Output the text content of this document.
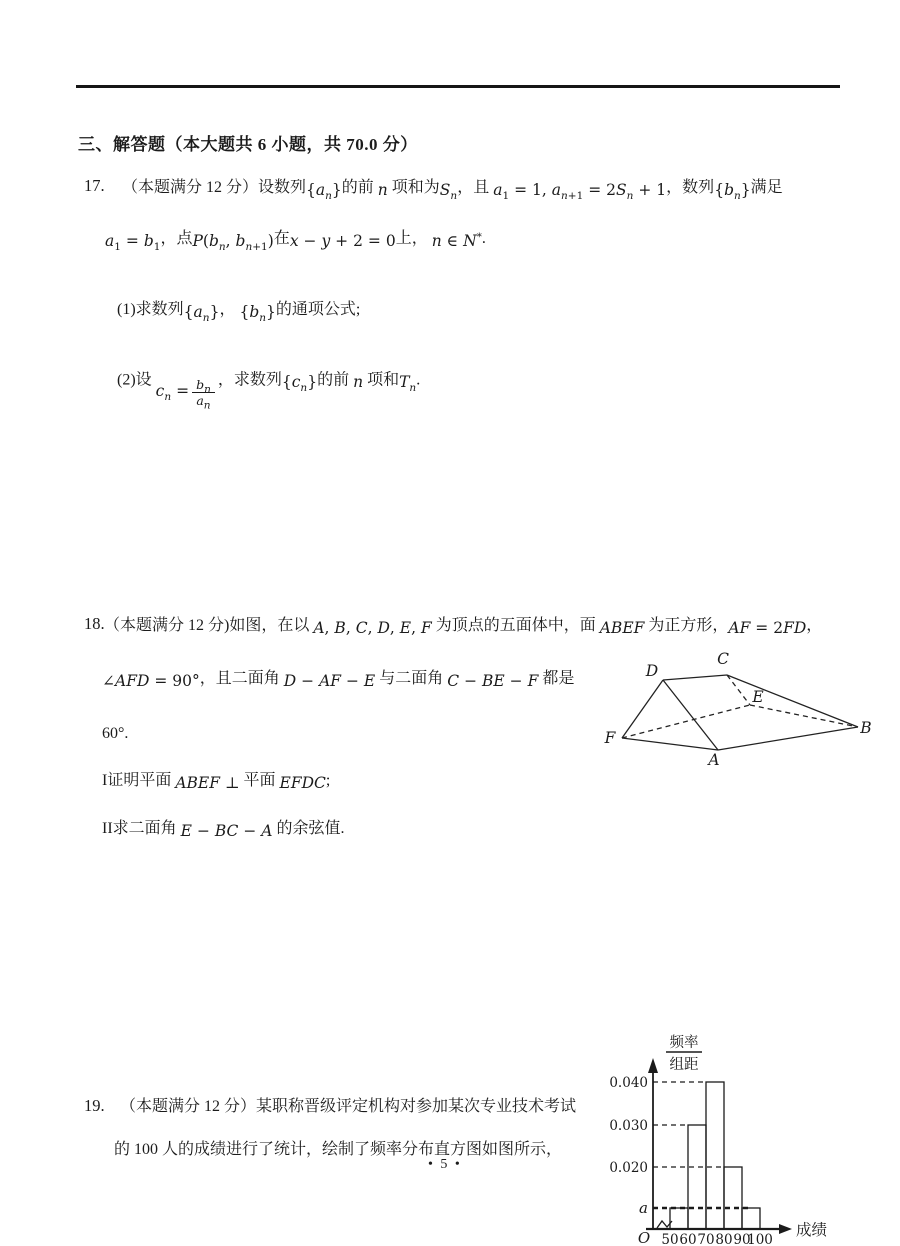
三、解答题（本大题共 6 小题，共 70.0 分）
17. （本题满分 12 分）设数列$\{a_n\}$的前 n 项和为$S_n$，且 $a_1 = 1$, $a_{n+1} = 2S_n + 1$，数列$\{b_n\}$满足
$a_1 = b_1$，点$P(b_n$, $b_{n+1}$)在x − y + 2 = 0上， n ∈ N*.
(1)求数列$\{a_n\}$， $\{b_n\}$的通项公式;
(2)设 $c_n = \frac{b_n}{a_n}$ ，求数列$\{c_n\}$的前 n 项和$T_n$.
18. （本题满分 12 分)如图，在以 A, B, C, D, E, F 为顶点的五面体中，面 ABEF 为正方形，AF = 2FD，
∠AFD = 90°，且二面角 D − AF − E 与二面角 C − BE − F 都是
60°.
I证明平面 ABEF ⊥ 平面 EFDC;
II求二面角 E − BC − A 的余弦值.
D
C
E
F
A
B
19. （本题满分 12 分）某职称晋级评定机构对参加某次专业技术考试
的 100 人的成绩进行了统计，绘制了频率分布直方图如图所示，
• 5 •
0.040
0.030
0.020
a
50 60 70 80 90
100
O	成绩
频率
组距
